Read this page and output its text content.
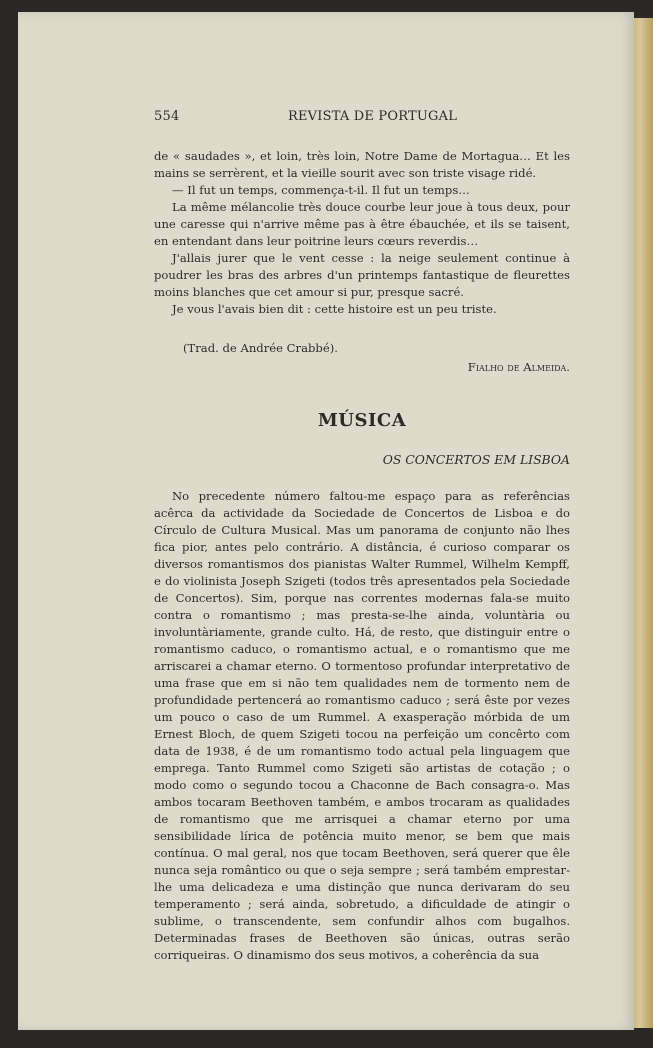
554	REVISTA DE PORTUGAL

de « saudades », et loin, très loin, Notre Dame de Mortagua… Et les mains se serrèrent, et la vieille sourit avec son triste visage ridé.

— Il fut un temps, commença-t-il. Il fut un temps…

La même mélancolie très douce courbe leur joue à tous deux, pour une caresse qui n'arrive même pas à être ébauchée, et ils se taisent, en entendant dans leur poitrine leurs cœurs reverdis…

J'allais jurer que le vent cesse : la neige seulement continue à poudrer les bras des arbres d'un printemps fantastique de fleurettes moins blanches que cet amour si pur, presque sacré.

Je vous l'avais bien dit : cette histoire est un peu triste.

(Trad. de Andrée Crabbé).

Fialho de Almeida.

MÚSICA
OS CONCERTOS EM LISBOA

No precedente número faltou-me espaço para as referências acêrca da actividade da Sociedade de Concertos de Lisboa e do Círculo de Cultura Musical. Mas um panorama de conjunto não lhes fica pior, antes pelo contrário. A distância, é curioso comparar os diversos romantismos dos pianistas Walter Rummel, Wilhelm Kempff, e do violinista Joseph Szigeti (todos três apresentados pela Sociedade de Concertos). Sim, porque nas correntes modernas fala-se muito contra o romantismo ; mas presta-se-lhe ainda, voluntària ou involuntàriamente, grande culto. Há, de resto, que distinguir entre o romantismo caduco, o romantismo actual, e o romantismo que me arriscarei a chamar eterno. O tormentoso profundar interpretativo de uma frase que em si não tem qualidades nem de tormento nem de profundidade pertencerá ao romantismo caduco ; será êste por vezes um pouco o caso de um Rummel. A exasperação mórbida de um Ernest Bloch, de quem Szigeti tocou na perfeição um concêrto com data de 1938, é de um romantismo todo actual pela linguagem que emprega. Tanto Rummel como Szigeti são artistas de cotação ; o modo como o segundo tocou a Chaconne de Bach consagra-o. Mas ambos tocaram Beethoven também, e ambos trocaram as qualidades de romantismo que me arrisquei a chamar eterno por uma sensibilidade lírica de potência muito menor, se bem que mais contínua. O mal geral, nos que tocam Beethoven, será querer que êle nunca seja romântico ou que o seja sempre ; será também emprestar-lhe uma delicadeza e uma distinção que nunca derivaram do seu temperamento ; será ainda, sobretudo, a dificuldade de atingir o sublime, o transcendente, sem confundir alhos com bugalhos. Determinadas frases de Beethoven são únicas, outras serão corriqueiras. O dinamismo dos seus motivos, a coherência da sua
